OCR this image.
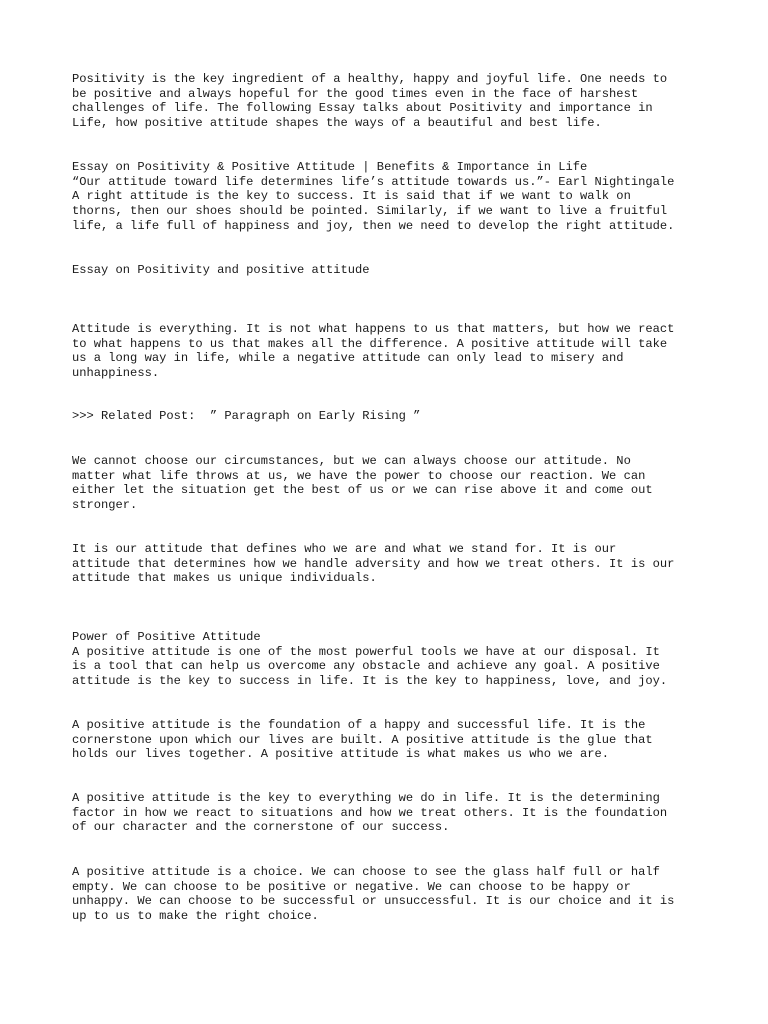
Positivity is the key ingredient of a healthy, happy and joyful life. One needs to
be positive and always hopeful for the good times even in the face of harshest
challenges of life. The following Essay talks about Positivity and importance in
Life, how positive attitude shapes the ways of a beautiful and best life.

Essay on Positivity & Positive Attitude | Benefits & Importance in Life
“Our attitude toward life determines life’s attitude towards us.”- Earl Nightingale
A right attitude is the key to success. It is said that if we want to walk on
thorns, then our shoes should be pointed. Similarly, if we want to live a fruitful
life, a life full of happiness and joy, then we need to develop the right attitude.

Essay on Positivity and positive attitude

Attitude is everything. It is not what happens to us that matters, but how we react
to what happens to us that makes all the difference. A positive attitude will take
us a long way in life, while a negative attitude can only lead to misery and
unhappiness.

>>> Related Post:  ” Paragraph on Early Rising ”

We cannot choose our circumstances, but we can always choose our attitude. No
matter what life throws at us, we have the power to choose our reaction. We can
either let the situation get the best of us or we can rise above it and come out
stronger.

It is our attitude that defines who we are and what we stand for. It is our
attitude that determines how we handle adversity and how we treat others. It is our
attitude that makes us unique individuals.

Power of Positive Attitude
A positive attitude is one of the most powerful tools we have at our disposal. It
is a tool that can help us overcome any obstacle and achieve any goal. A positive
attitude is the key to success in life. It is the key to happiness, love, and joy.

A positive attitude is the foundation of a happy and successful life. It is the
cornerstone upon which our lives are built. A positive attitude is the glue that
holds our lives together. A positive attitude is what makes us who we are.

A positive attitude is the key to everything we do in life. It is the determining
factor in how we react to situations and how we treat others. It is the foundation
of our character and the cornerstone of our success.

A positive attitude is a choice. We can choose to see the glass half full or half
empty. We can choose to be positive or negative. We can choose to be happy or
unhappy. We can choose to be successful or unsuccessful. It is our choice and it is
up to us to make the right choice.
